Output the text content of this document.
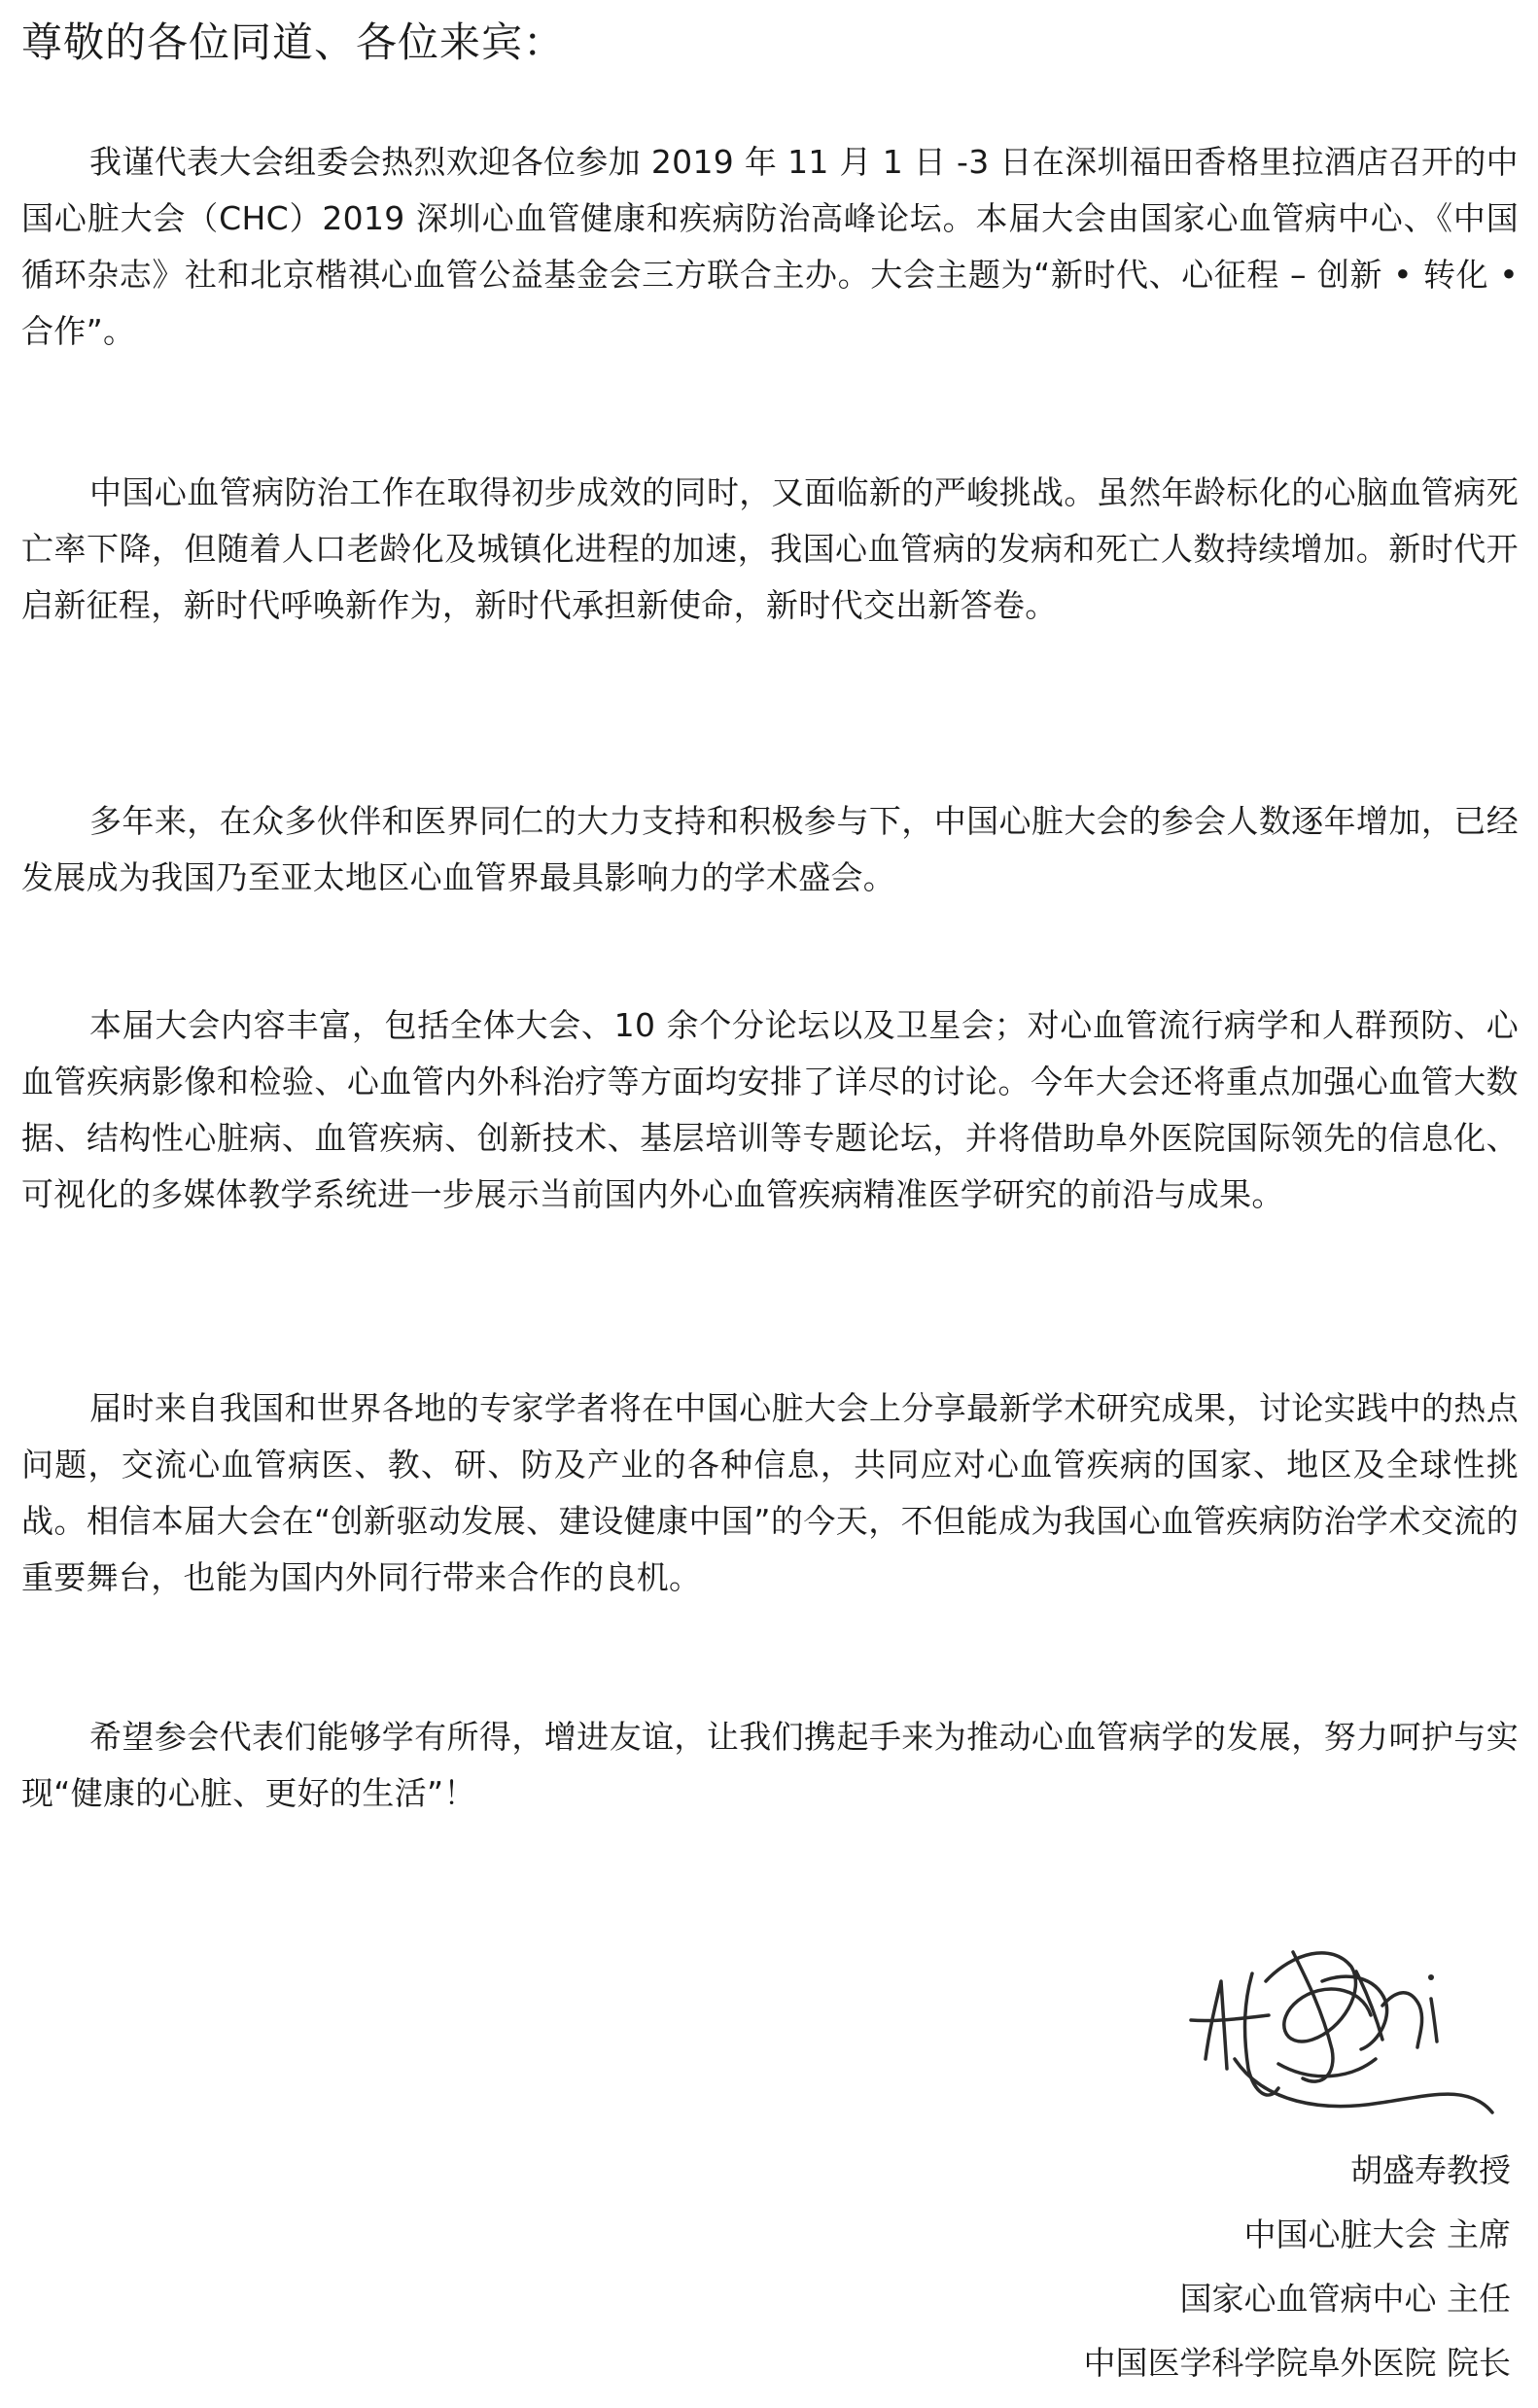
尊敬的各位同道、各位来宾：

我谨代表大会组委会热烈欢迎各位参加 2019 年 11 月 1 日 -3 日在深圳福田香格里拉酒店召开的中国心脏大会（CHC）2019 深圳心血管健康和疾病防治高峰论坛。本届大会由国家心血管病中心、《中国循环杂志》社和北京楷祺心血管公益基金会三方联合主办。大会主题为“新时代、心征程 – 创新 • 转化 • 合作”。

中国心血管病防治工作在取得初步成效的同时，又面临新的严峻挑战。虽然年龄标化的心脑血管病死亡率下降，但随着人口老龄化及城镇化进程的加速，我国心血管病的发病和死亡人数持续增加。新时代开启新征程，新时代呼唤新作为，新时代承担新使命，新时代交出新答卷。

多年来，在众多伙伴和医界同仁的大力支持和积极参与下，中国心脏大会的参会人数逐年增加，已经发展成为我国乃至亚太地区心血管界最具影响力的学术盛会。

本届大会内容丰富，包括全体大会、10 余个分论坛以及卫星会；对心血管流行病学和人群预防、心血管疾病影像和检验、心血管内外科治疗等方面均安排了详尽的讨论。今年大会还将重点加强心血管大数据、结构性心脏病、血管疾病、创新技术、基层培训等专题论坛，并将借助阜外医院国际领先的信息化、可视化的多媒体教学系统进一步展示当前国内外心血管疾病精准医学研究的前沿与成果。

届时来自我国和世界各地的专家学者将在中国心脏大会上分享最新学术研究成果，讨论实践中的热点问题，交流心血管病医、教、研、防及产业的各种信息，共同应对心血管疾病的国家、地区及全球性挑战。相信本届大会在“创新驱动发展、建设健康中国”的今天，不但能成为我国心血管疾病防治学术交流的重要舞台，也能为国内外同行带来合作的良机。

希望参会代表们能够学有所得，增进友谊，让我们携起手来为推动心血管病学的发展，努力呵护与实现“健康的心脏、更好的生活”！

胡盛寿教授
中国心脏大会 主席
国家心血管病中心 主任
中国医学科学院阜外医院 院长
